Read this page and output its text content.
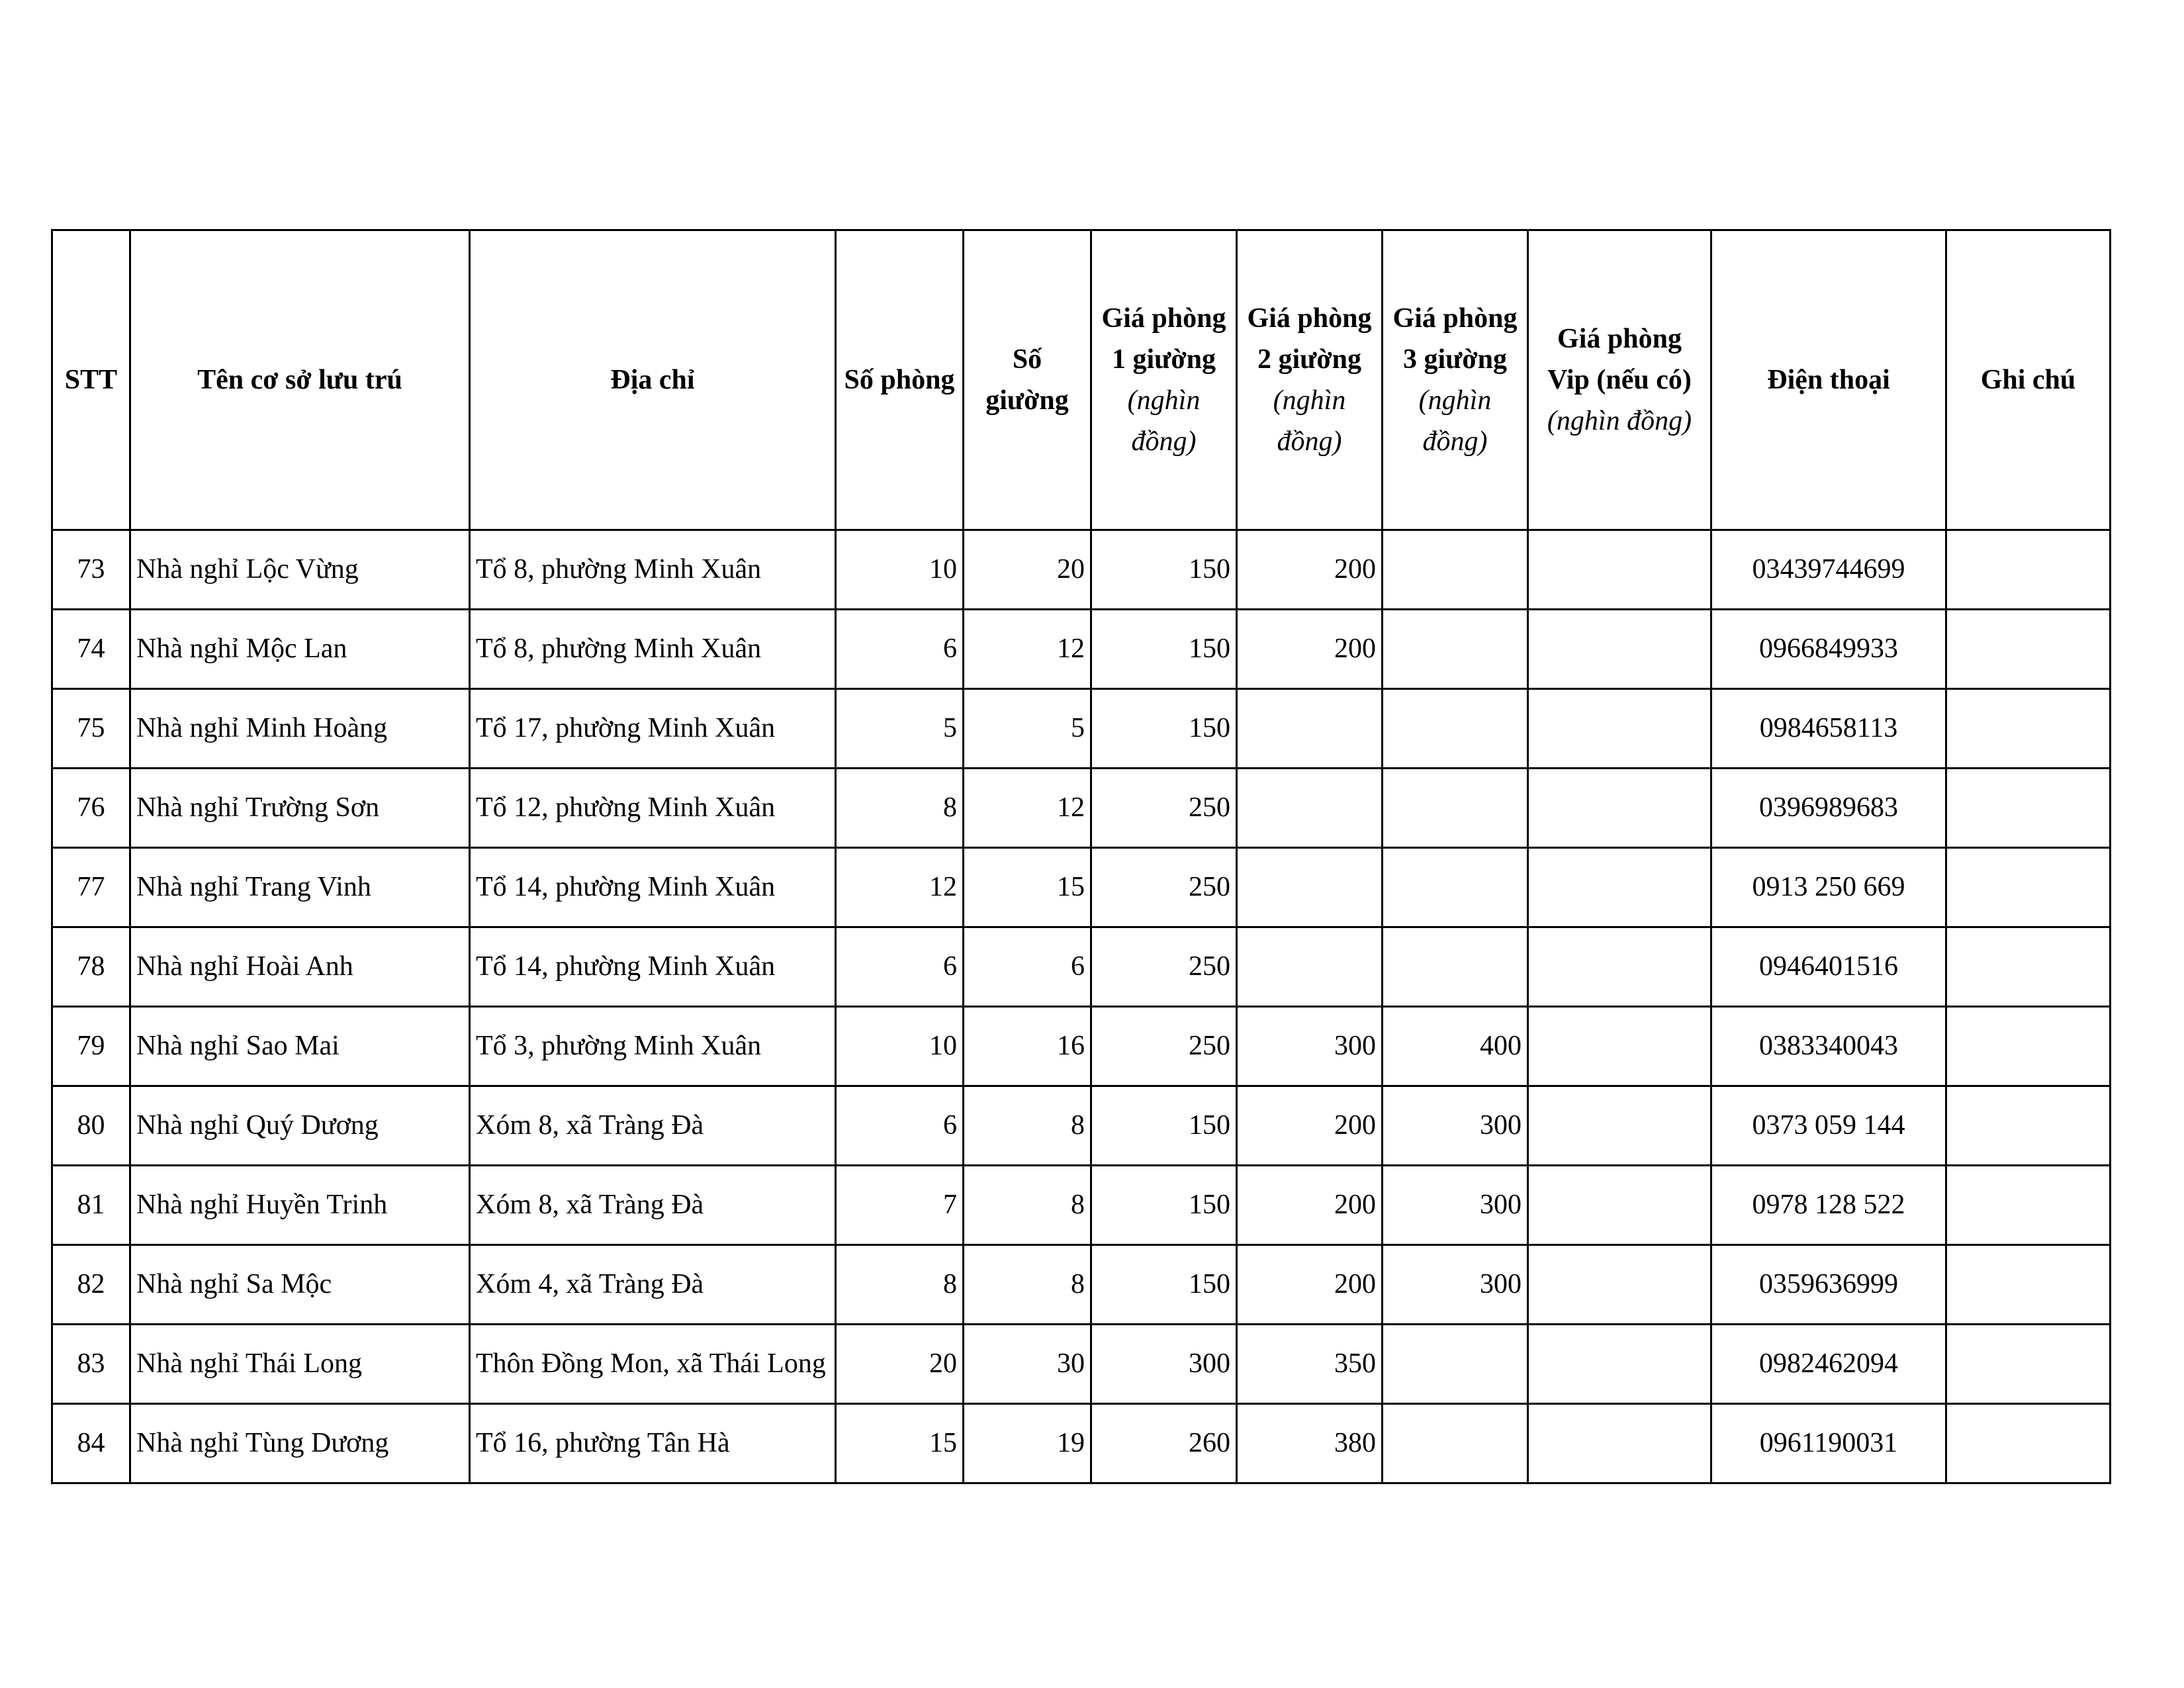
STT	Tên cơ sở lưu trú	Địa chỉ	Số phòng	Số giường	Giá phòng 1 giường
(nghìn đồng)	Giá phòng 2 giường
(nghìn đồng)	Giá phòng 3 giường
(nghìn đồng)	Giá phòng Vip (nếu có)
(nghìn đồng)	Điện thoại	Ghi chú
73	Nhà nghỉ Lộc Vừng	Tổ 8, phường Minh Xuân	10	20	150	200			03439744699	
74	Nhà nghỉ Mộc Lan	Tổ 8, phường Minh Xuân	6	12	150	200			0966849933	
75	Nhà nghỉ Minh Hoàng	Tổ 17, phường Minh Xuân	5	5	150				0984658113	
76	Nhà nghỉ Trường Sơn	Tổ 12, phường Minh Xuân	8	12	250				0396989683	
77	Nhà nghỉ Trang Vinh	Tổ 14, phường Minh Xuân	12	15	250				0913 250 669	
78	Nhà nghỉ Hoài Anh	Tổ 14, phường Minh Xuân	6	6	250				0946401516	
79	Nhà nghỉ Sao Mai	Tổ 3, phường Minh Xuân	10	16	250	300	400		0383340043	
80	Nhà nghỉ Quý Dương	Xóm 8, xã Tràng Đà	6	8	150	200	300		0373 059 144	
81	Nhà nghỉ Huyền Trinh	Xóm 8, xã Tràng Đà	7	8	150	200	300		0978 128 522	
82	Nhà nghỉ Sa Mộc	Xóm 4, xã Tràng Đà	8	8	150	200	300		0359636999	
83	Nhà nghỉ Thái Long	Thôn Đồng Mon, xã Thái Long	20	30	300	350			0982462094	
84	Nhà nghỉ Tùng Dương	Tổ 16, phường Tân Hà	15	19	260	380			0961190031	
